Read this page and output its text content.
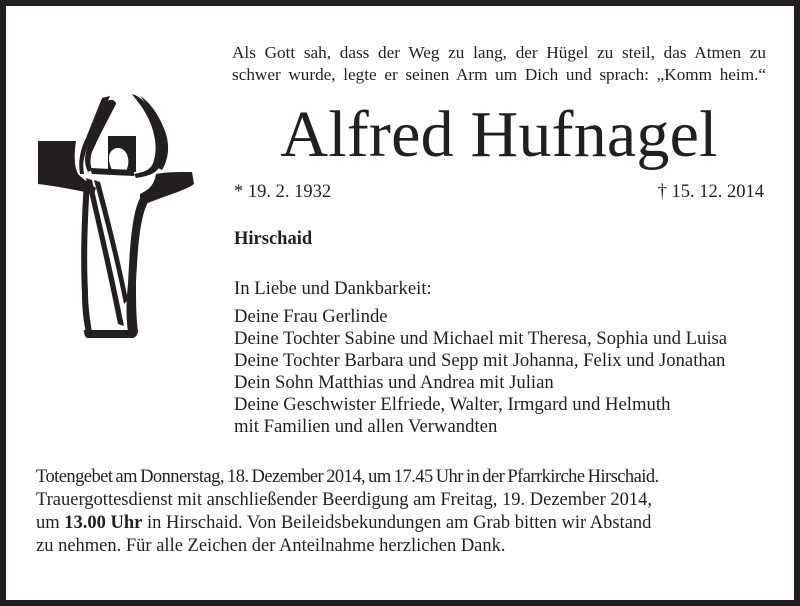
Als Gott sah, dass der Weg zu lang, der Hügel zu steil, das Atmen zu
schwer wurde, legte er seinen Arm um Dich und sprach: „Komm heim.“
Alfred Hufnagel
* 19. 2. 1932	† 15. 12. 2014
Hirschaid
In Liebe und Dankbarkeit:
Deine Frau Gerlinde
Deine Tochter Sabine und Michael mit Theresa, Sophia und Luisa
Deine Tochter Barbara und Sepp mit Johanna, Felix und Jonathan
Dein Sohn Matthias und Andrea mit Julian
Deine Geschwister Elfriede, Walter, Irmgard und Helmuth
mit Familien und allen Verwandten
Totengebet am Donnerstag, 18. Dezember 2014, um 17.45 Uhr in der Pfarrkirche Hirschaid.
Trauergottesdienst mit anschließender Beerdigung am Freitag, 19. Dezember 2014,
um 13.00 Uhr in Hirschaid. Von Beileidsbekundungen am Grab bitten wir Abstand
zu nehmen. Für alle Zeichen der Anteilnahme herzlichen Dank.
